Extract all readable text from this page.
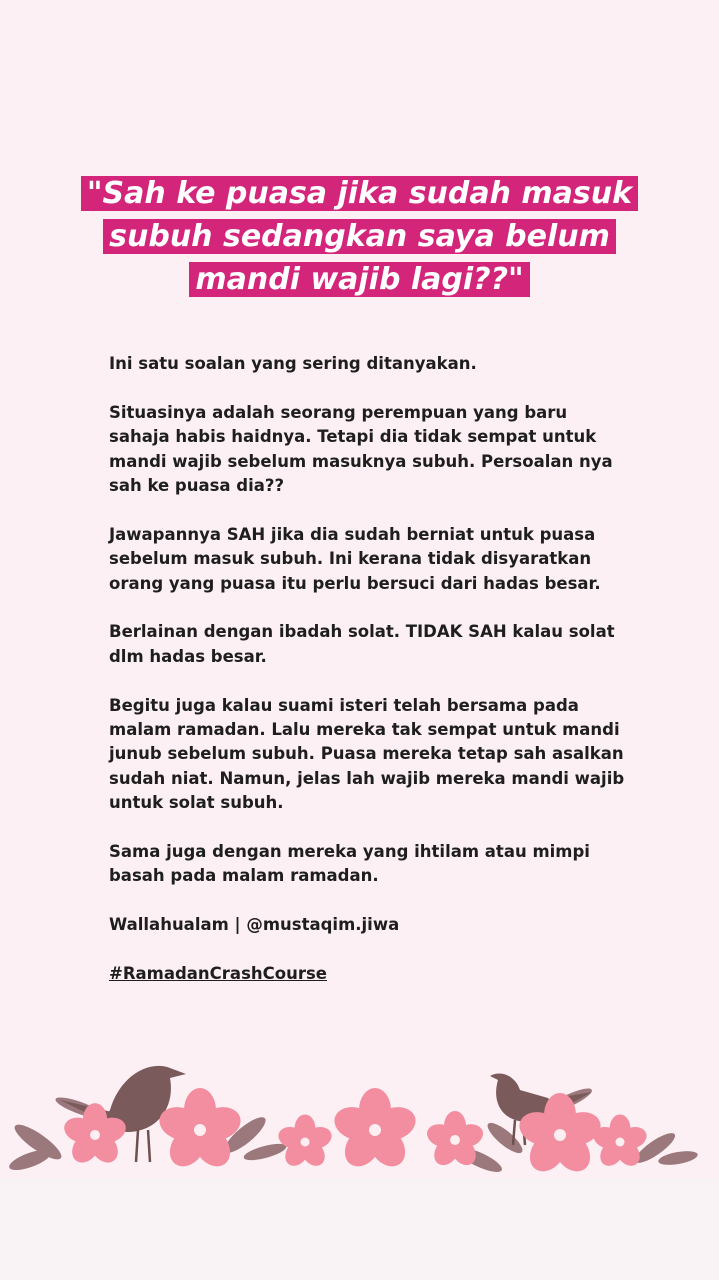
"Sah ke puasa jika sudah masuk
subuh sedangkan saya belum
mandi wajib lagi??"

Ini satu soalan yang sering ditanyakan.

Situasinya adalah seorang perempuan yang baru sahaja habis haidnya. Tetapi dia tidak sempat untuk mandi wajib sebelum masuknya subuh. Persoalan nya sah ke puasa dia??

Jawapannya SAH jika dia sudah berniat untuk puasa sebelum masuk subuh. Ini kerana tidak disyaratkan orang yang puasa itu perlu bersuci dari hadas besar.

Berlainan dengan ibadah solat. TIDAK SAH kalau solat dlm hadas besar.

Begitu juga kalau suami isteri telah bersama pada malam ramadan. Lalu mereka tak sempat untuk mandi junub sebelum subuh. Puasa mereka tetap sah asalkan sudah niat. Namun, jelas lah wajib mereka mandi wajib untuk solat subuh.

Sama juga dengan mereka yang ihtilam atau mimpi basah pada malam ramadan.

Wallahualam | @mustaqim.jiwa

#RamadanCrashCourse
